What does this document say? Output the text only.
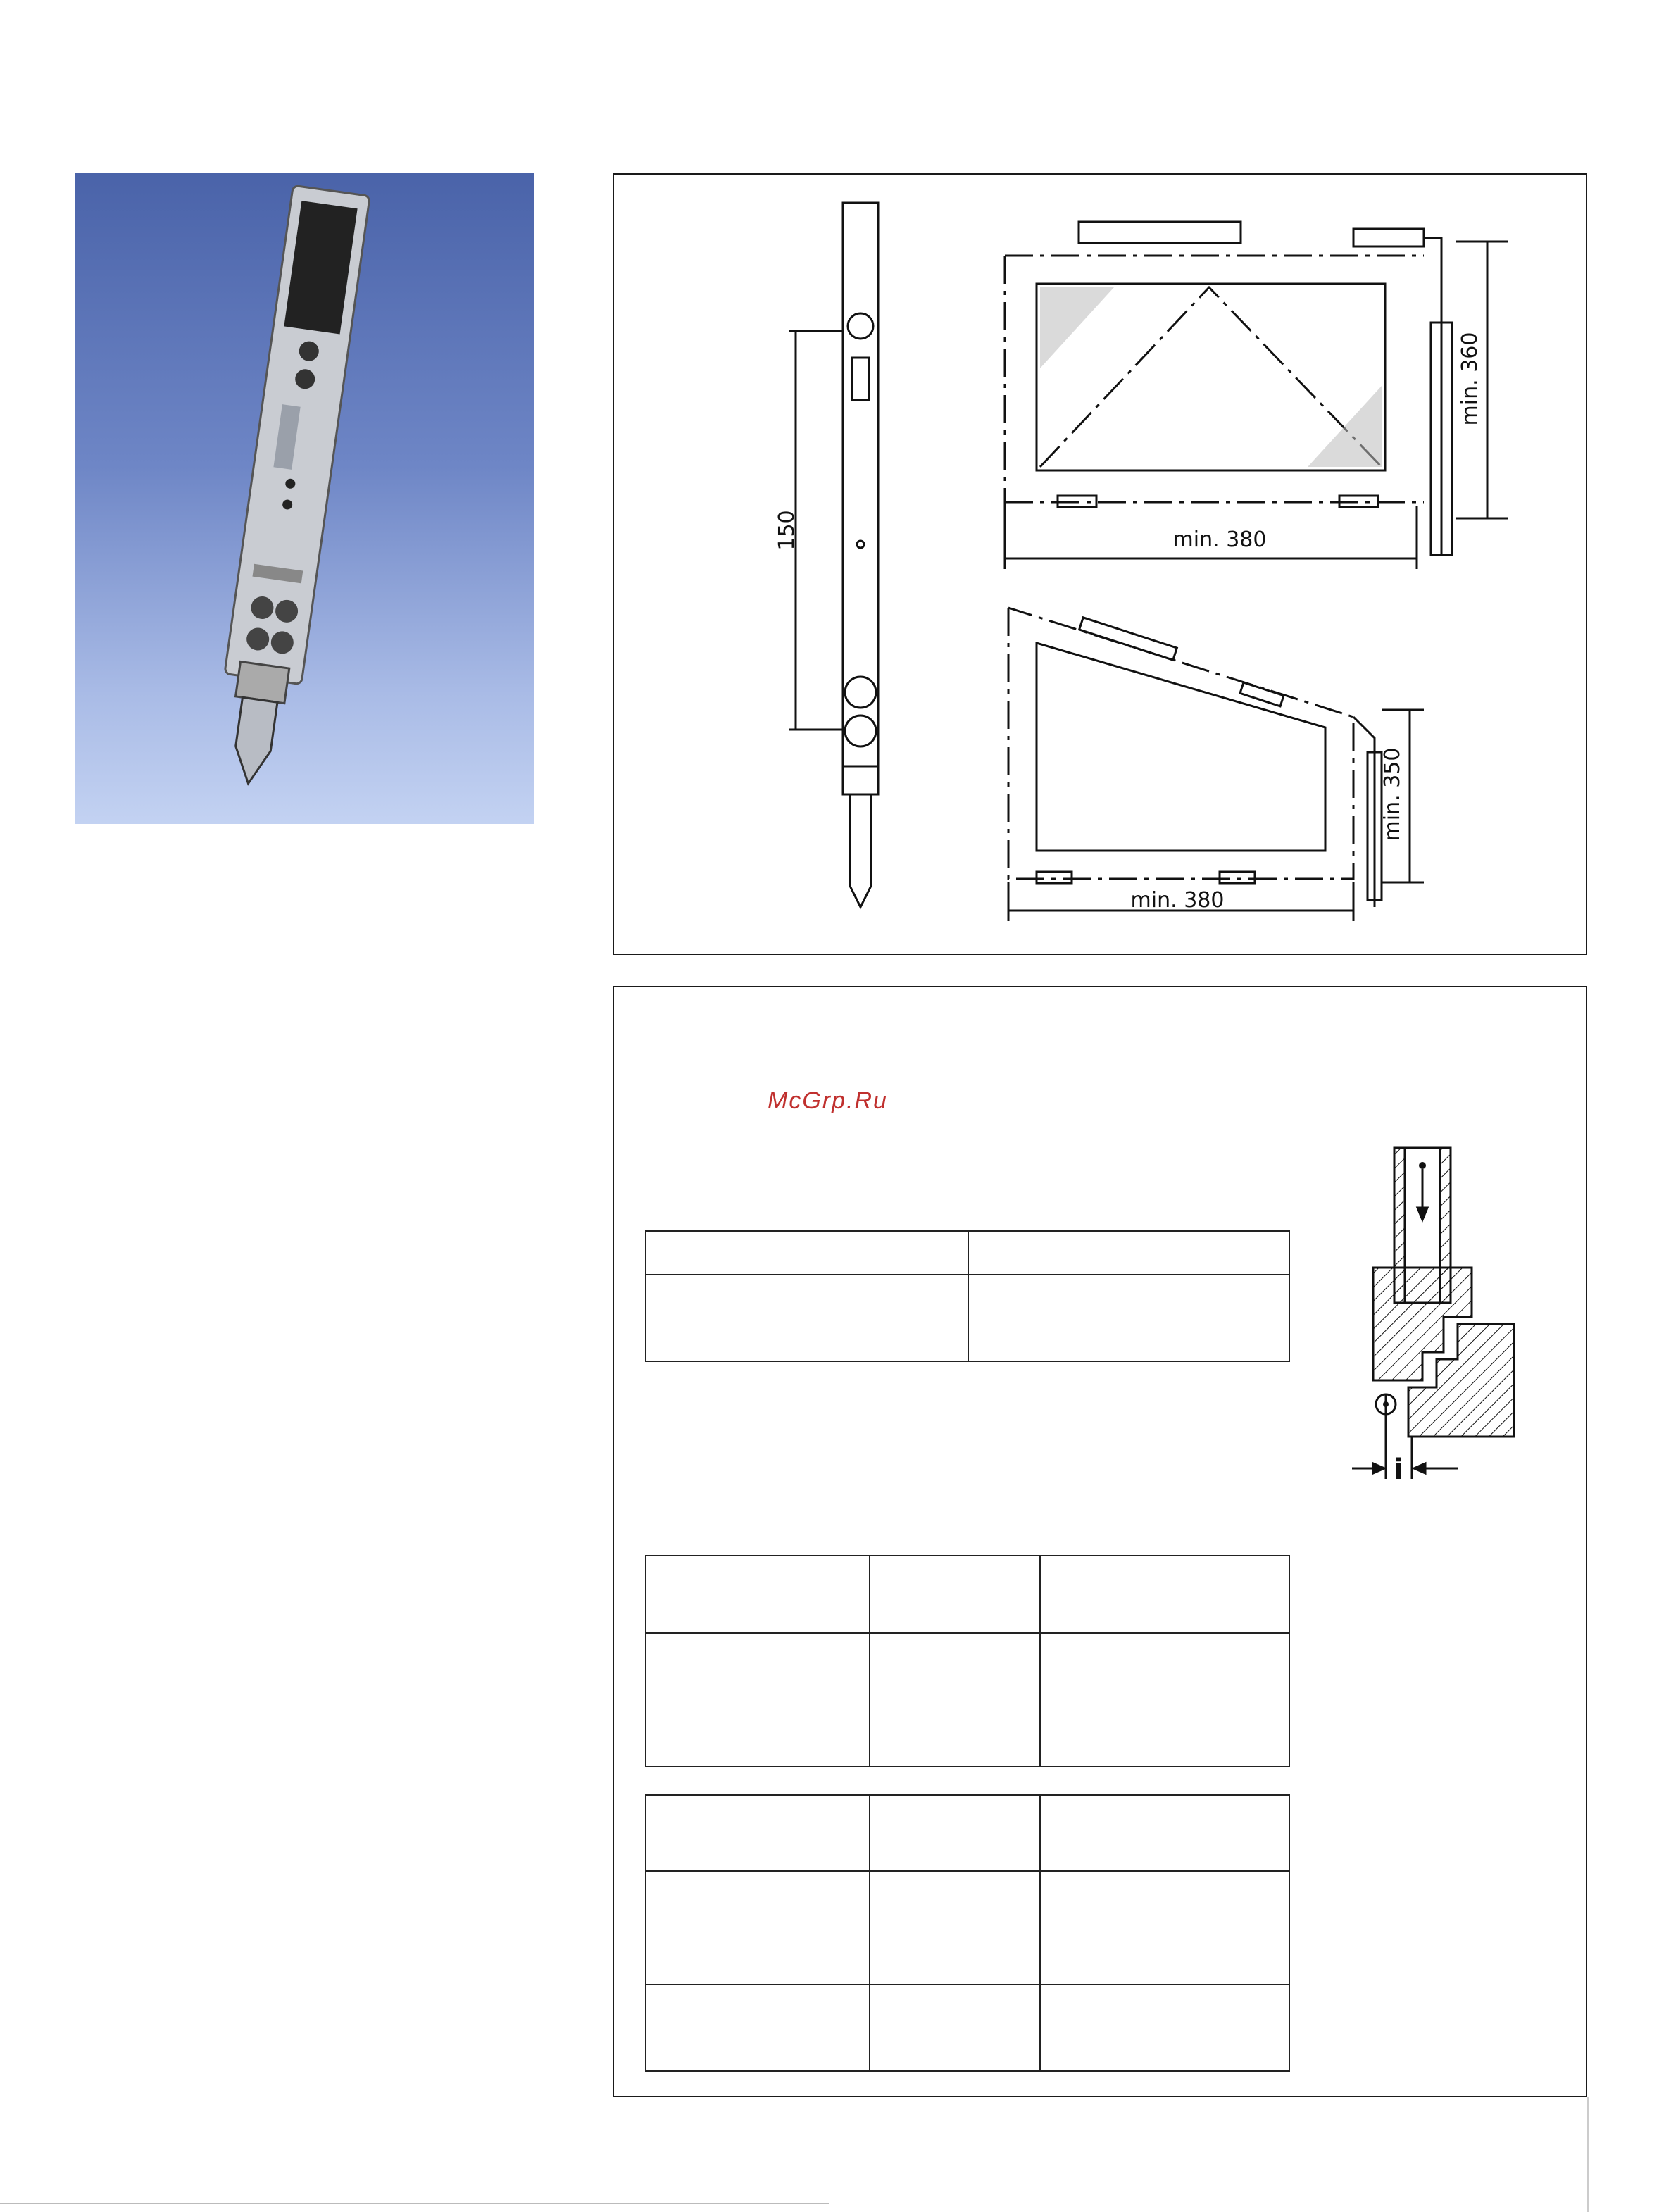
150	min. 380
min. 360
min. 380
min. 350
McGrp.Ru
i
